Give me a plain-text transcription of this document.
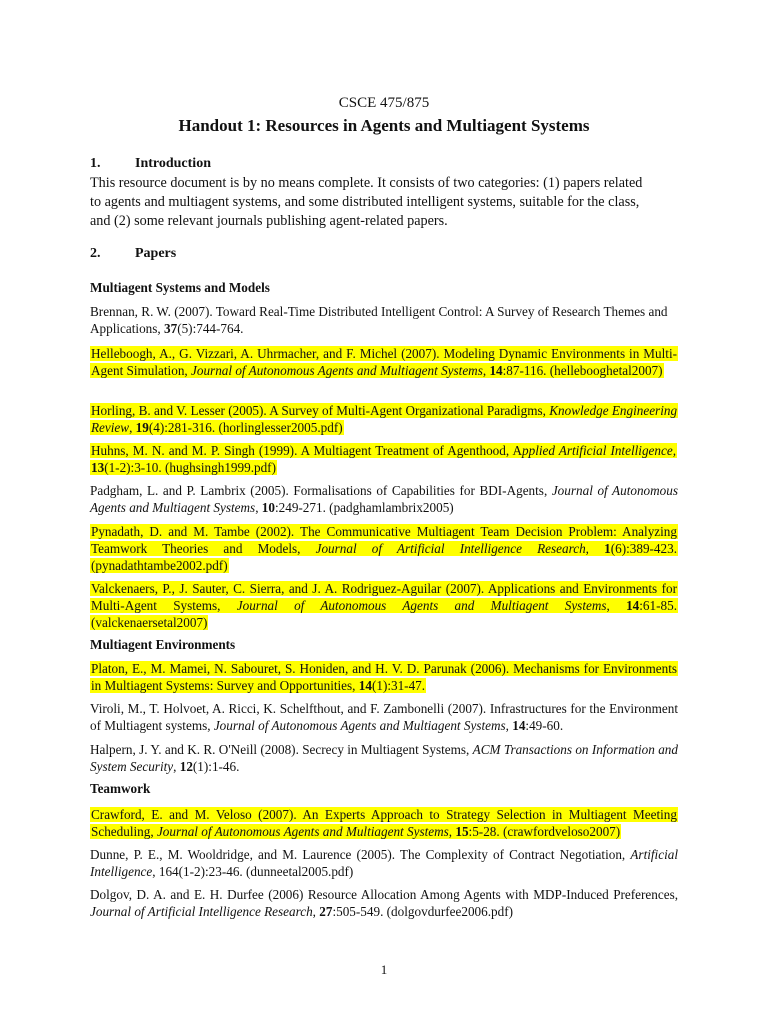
CSCE 475/875
Handout 1: Resources in Agents and Multiagent Systems
1. Introduction
This resource document is by no means complete. It consists of two categories: (1) papers related to agents and multiagent systems, and some distributed intelligent systems, suitable for the class, and (2) some relevant journals publishing agent-related papers.
2. Papers
Multiagent Systems and Models
Brennan, R. W. (2007). Toward Real-Time Distributed Intelligent Control: A Survey of Research Themes and Applications, 37(5):744-764.
Helleboogh, A., G. Vizzari, A. Uhrmacher, and F. Michel (2007). Modeling Dynamic Environments in Multi-Agent Simulation, Journal of Autonomous Agents and Multiagent Systems, 14:87-116. (hellebooghetal2007)
Horling, B. and V. Lesser (2005). A Survey of Multi-Agent Organizational Paradigms, Knowledge Engineering Review, 19(4):281-316. (horlinglesser2005.pdf)
Huhns, M. N. and M. P. Singh (1999). A Multiagent Treatment of Agenthood, Applied Artificial Intelligence, 13(1-2):3-10. (hughsingh1999.pdf)
Padgham, L. and P. Lambrix (2005). Formalisations of Capabilities for BDI-Agents, Journal of Autonomous Agents and Multiagent Systems, 10:249-271. (padghamlambrix2005)
Pynadath, D. and M. Tambe (2002). The Communicative Multiagent Team Decision Problem: Analyzing Teamwork Theories and Models, Journal of Artificial Intelligence Research, 1(6):389-423. (pynadathtambe2002.pdf)
Valckenaers, P., J. Sauter, C. Sierra, and J. A. Rodriguez-Aguilar (2007). Applications and Environments for Multi-Agent Systems, Journal of Autonomous Agents and Multiagent Systems, 14:61-85. (valckenaersetal2007)
Multiagent Environments
Platon, E., M. Mamei, N. Sabouret, S. Honiden, and H. V. D. Parunak (2006). Mechanisms for Environments in Multiagent Systems: Survey and Opportunities, 14(1):31-47.
Viroli, M., T. Holvoet, A. Ricci, K. Schelfthout, and F. Zambonelli (2007). Infrastructures for the Environment of Multiagent systems, Journal of Autonomous Agents and Multiagent Systems, 14:49-60.
Halpern, J. Y. and K. R. O'Neill (2008). Secrecy in Multiagent Systems, ACM Transactions on Information and System Security, 12(1):1-46.
Teamwork
Crawford, E. and M. Veloso (2007). An Experts Approach to Strategy Selection in Multiagent Meeting Scheduling, Journal of Autonomous Agents and Multiagent Systems, 15:5-28. (crawfordveloso2007)
Dunne, P. E., M. Wooldridge, and M. Laurence (2005). The Complexity of Contract Negotiation, Artificial Intelligence, 164(1-2):23-46. (dunneetal2005.pdf)
Dolgov, D. A. and E. H. Durfee (2006) Resource Allocation Among Agents with MDP-Induced Preferences, Journal of Artificial Intelligence Research, 27:505-549. (dolgovdurfee2006.pdf)
1
